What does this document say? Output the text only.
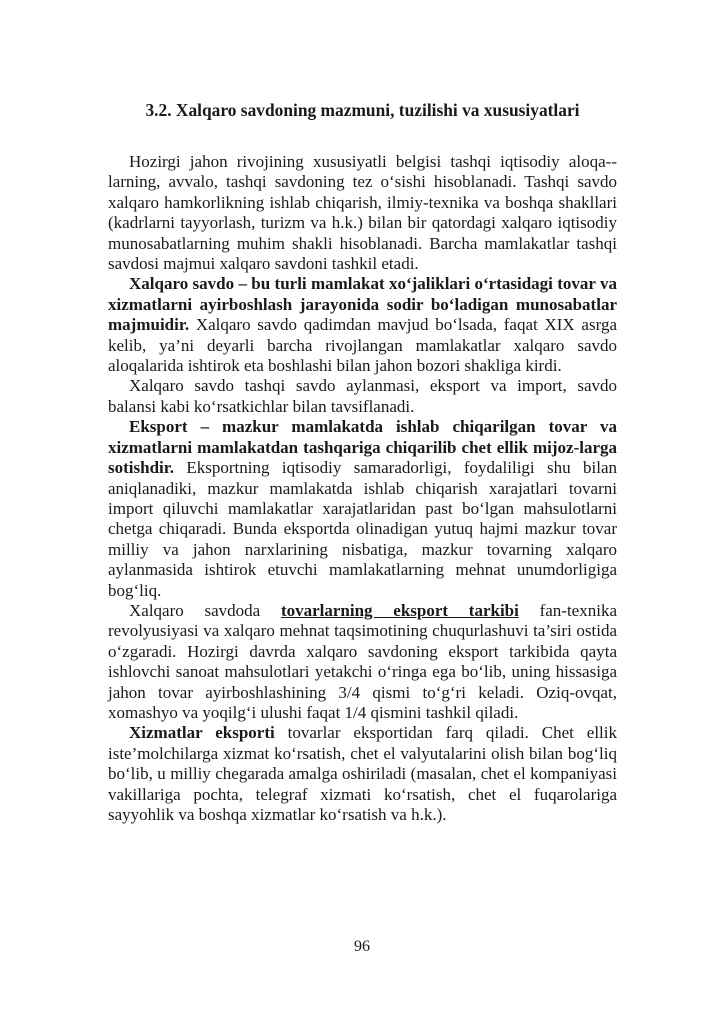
3.2. Xalqaro savdoning mazmuni, tuzilishi va xususiyatlari

Hozirgi jahon rivojining xususiyatli belgisi tashqi iqtisodiy aloqa-larning, avvalo, tashqi savdoning tez o‘sishi hisoblanadi. Tashqi savdo xalqaro hamkorlikning ishlab chiqarish, ilmiy-texnika va boshqa shakllari (kadrlarni tayyorlash, turizm va h.k.) bilan bir qatordagi xalqaro iqtisodiy munosabatlarning muhim shakli hisoblanadi. Barcha mamlakatlar tashqi savdosi majmui xalqaro savdoni tashkil etadi.

Xalqaro savdo – bu turli mamlakat xo‘jaliklari o‘rtasidagi tovar va xizmatlarni ayirboshlash jarayonida sodir bo‘ladigan munosabatlar majmuidir. Xalqaro savdo qadimdan mavjud bo‘lsada, faqat XIX asrga kelib, ya’ni deyarli barcha rivojlangan mamlakatlar xalqaro savdo aloqalarida ishtirok eta boshlashi bilan jahon bozori shakliga kirdi.

Xalqaro savdo tashqi savdo aylanmasi, eksport va import, savdo balansi kabi ko‘rsatkichlar bilan tavsiflanadi.

Eksport – mazkur mamlakatda ishlab chiqarilgan tovar va xizmatlarni mamlakatdan tashqariga chiqarilib chet ellik mijoz-larga sotishdir. Eksportning iqtisodiy samaradorligi, foydaliligi shu bilan aniqlanadiki, mazkur mamlakatda ishlab chiqarish xarajatlari tovarni import qiluvchi mamlakatlar xarajatlaridan past bo‘lgan mahsulotlarni chetga chiqaradi. Bunda eksportda olinadigan yutuq hajmi mazkur tovar milliy va jahon narxlarining nisbatiga, mazkur tovarning xalqaro aylanmasida ishtirok etuvchi mamlakatlarning mehnat unumdorligiga bog‘liq.

Xalqaro savdoda tovarlarning eksport tarkibi fan-texnika revolyusiyasi va xalqaro mehnat taqsimotining chuqurlashuvi ta’siri ostida o‘zgaradi. Hozirgi davrda xalqaro savdoning eksport tarkibida qayta ishlovchi sanoat mahsulotlari yetakchi o‘ringa ega bo‘lib, uning hissasiga jahon tovar ayirboshlashining 3/4 qismi to‘g‘ri keladi. Oziq-ovqat, xomashyo va yoqilg‘i ulushi faqat 1/4 qismini tashkil qiladi.

Xizmatlar eksporti tovarlar eksportidan farq qiladi. Chet ellik iste’molchilarga xizmat ko‘rsatish, chet el valyutalarini olish bilan bog‘liq bo‘lib, u milliy chegarada amalga oshiriladi (masalan, chet el kompaniyasi vakillariga pochta, telegraf xizmati ko‘rsatish, chet el fuqarolariga sayyohlik va boshqa xizmatlar ko‘rsatish va h.k.).

96
